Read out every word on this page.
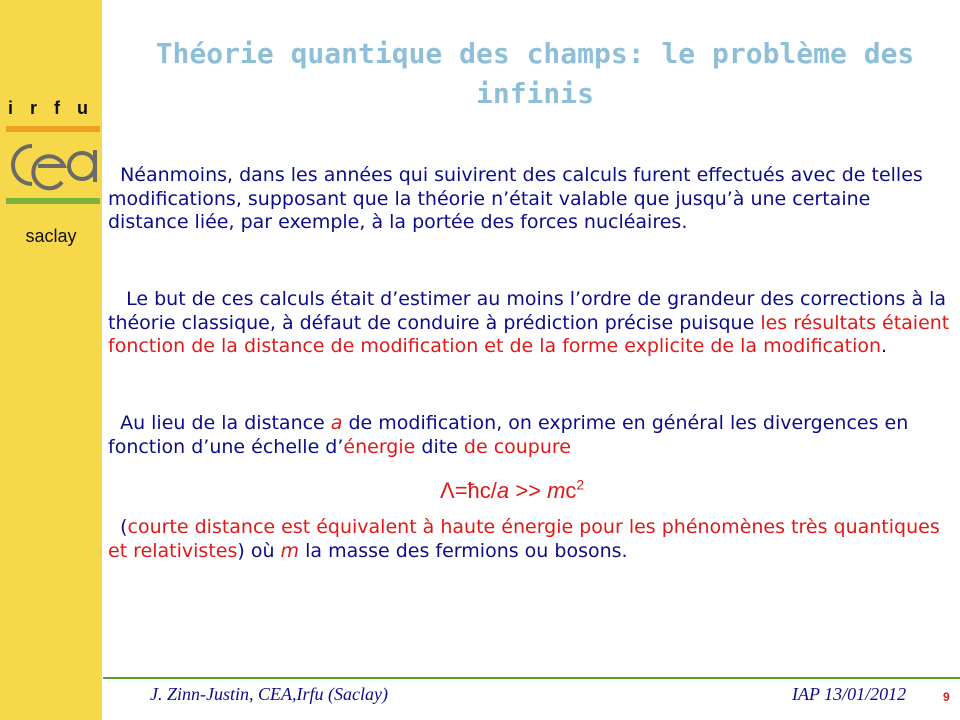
i r f u
saclay
Théorie quantique des champs: le problème des infinis
Néanmoins, dans les années qui suivirent des calculs furent effectués avec de telles modifications, supposant que la théorie n’était valable que jusqu’à une certaine distance liée, par exemple, à la portée des forces nucléaires.
Le but de ces calculs était d’estimer au moins l’ordre de grandeur des corrections à la théorie classique, à défaut de conduire à prédiction précise puisque les résultats étaient fonction de la distance de modification et de la forme explicite de la modification.
Au lieu de la distance a de modification, on exprime en général les divergences en fonction d’une échelle d’énergie dite de coupure
Λ=ħc/a >> $mc^2$
(courte distance est équivalent à haute énergie pour les phénomènes très quantiques et relativistes) où m la masse des fermions ou bosons.
J. Zinn-Justin, CEA,Irfu (Saclay)	IAP 13/01/2012	9
